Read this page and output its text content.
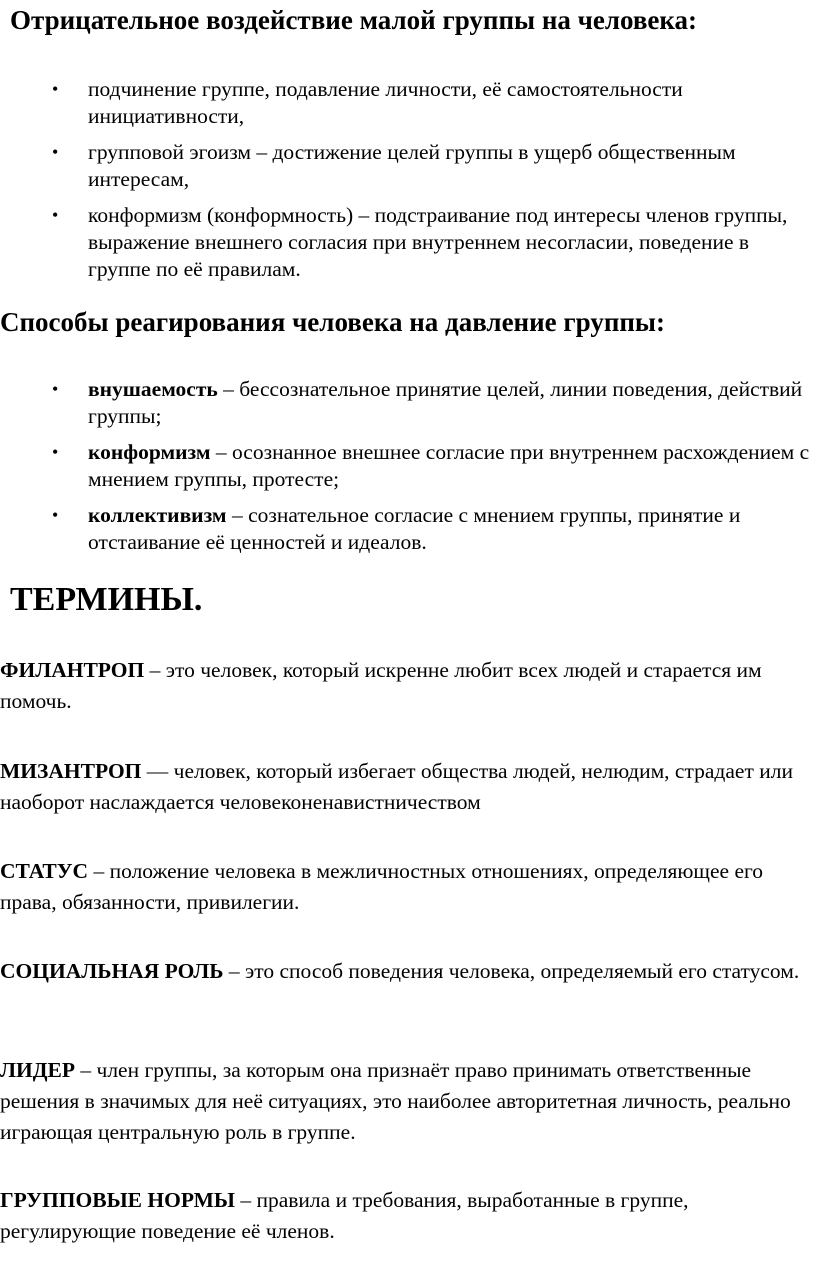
Отрицательное воздействие малой группы на человека:
• подчинение группе, подавление личности, её самостоятельности инициативности,
• групповой эгоизм – достижение целей группы в ущерб общественным интересам,
• конформизм (конформность) – подстраивание под интересы членов группы, выражение внешнего согласия при внутреннем несогласии, поведение в группе по её правилам.
Способы реагирования человека на давление группы:
• внушаемость – бессознательное принятие целей, линии поведения, действий группы;
• конформизм – осознанное внешнее согласие при внутреннем расхождением с мнением группы, протесте;
• коллективизм – сознательное согласие с мнением группы, принятие и отстаивание её ценностей и идеалов.
ТЕРМИНЫ.

ФИЛАНТРОП – это человек, который искренне любит всех людей и старается им помочь.

МИЗАНТРОП — человек, который избегает общества людей, нелюдим, страдает или наоборот наслаждается человеконенавистничеством

СТАТУС – положение человека в межличностных отношениях, определяющее его права, обязанности, привилегии.

СОЦИАЛЬНАЯ РОЛЬ – это способ поведения человека, определяемый его статусом.

ЛИДЕР – член группы, за которым она признаёт право принимать ответственные решения в значимых для неё ситуациях, это наиболее авторитетная личность, реально играющая центральную роль в группе.

ГРУППОВЫЕ НОРМЫ – правила и требования, выработанные в группе, регулирующие поведение её членов.
